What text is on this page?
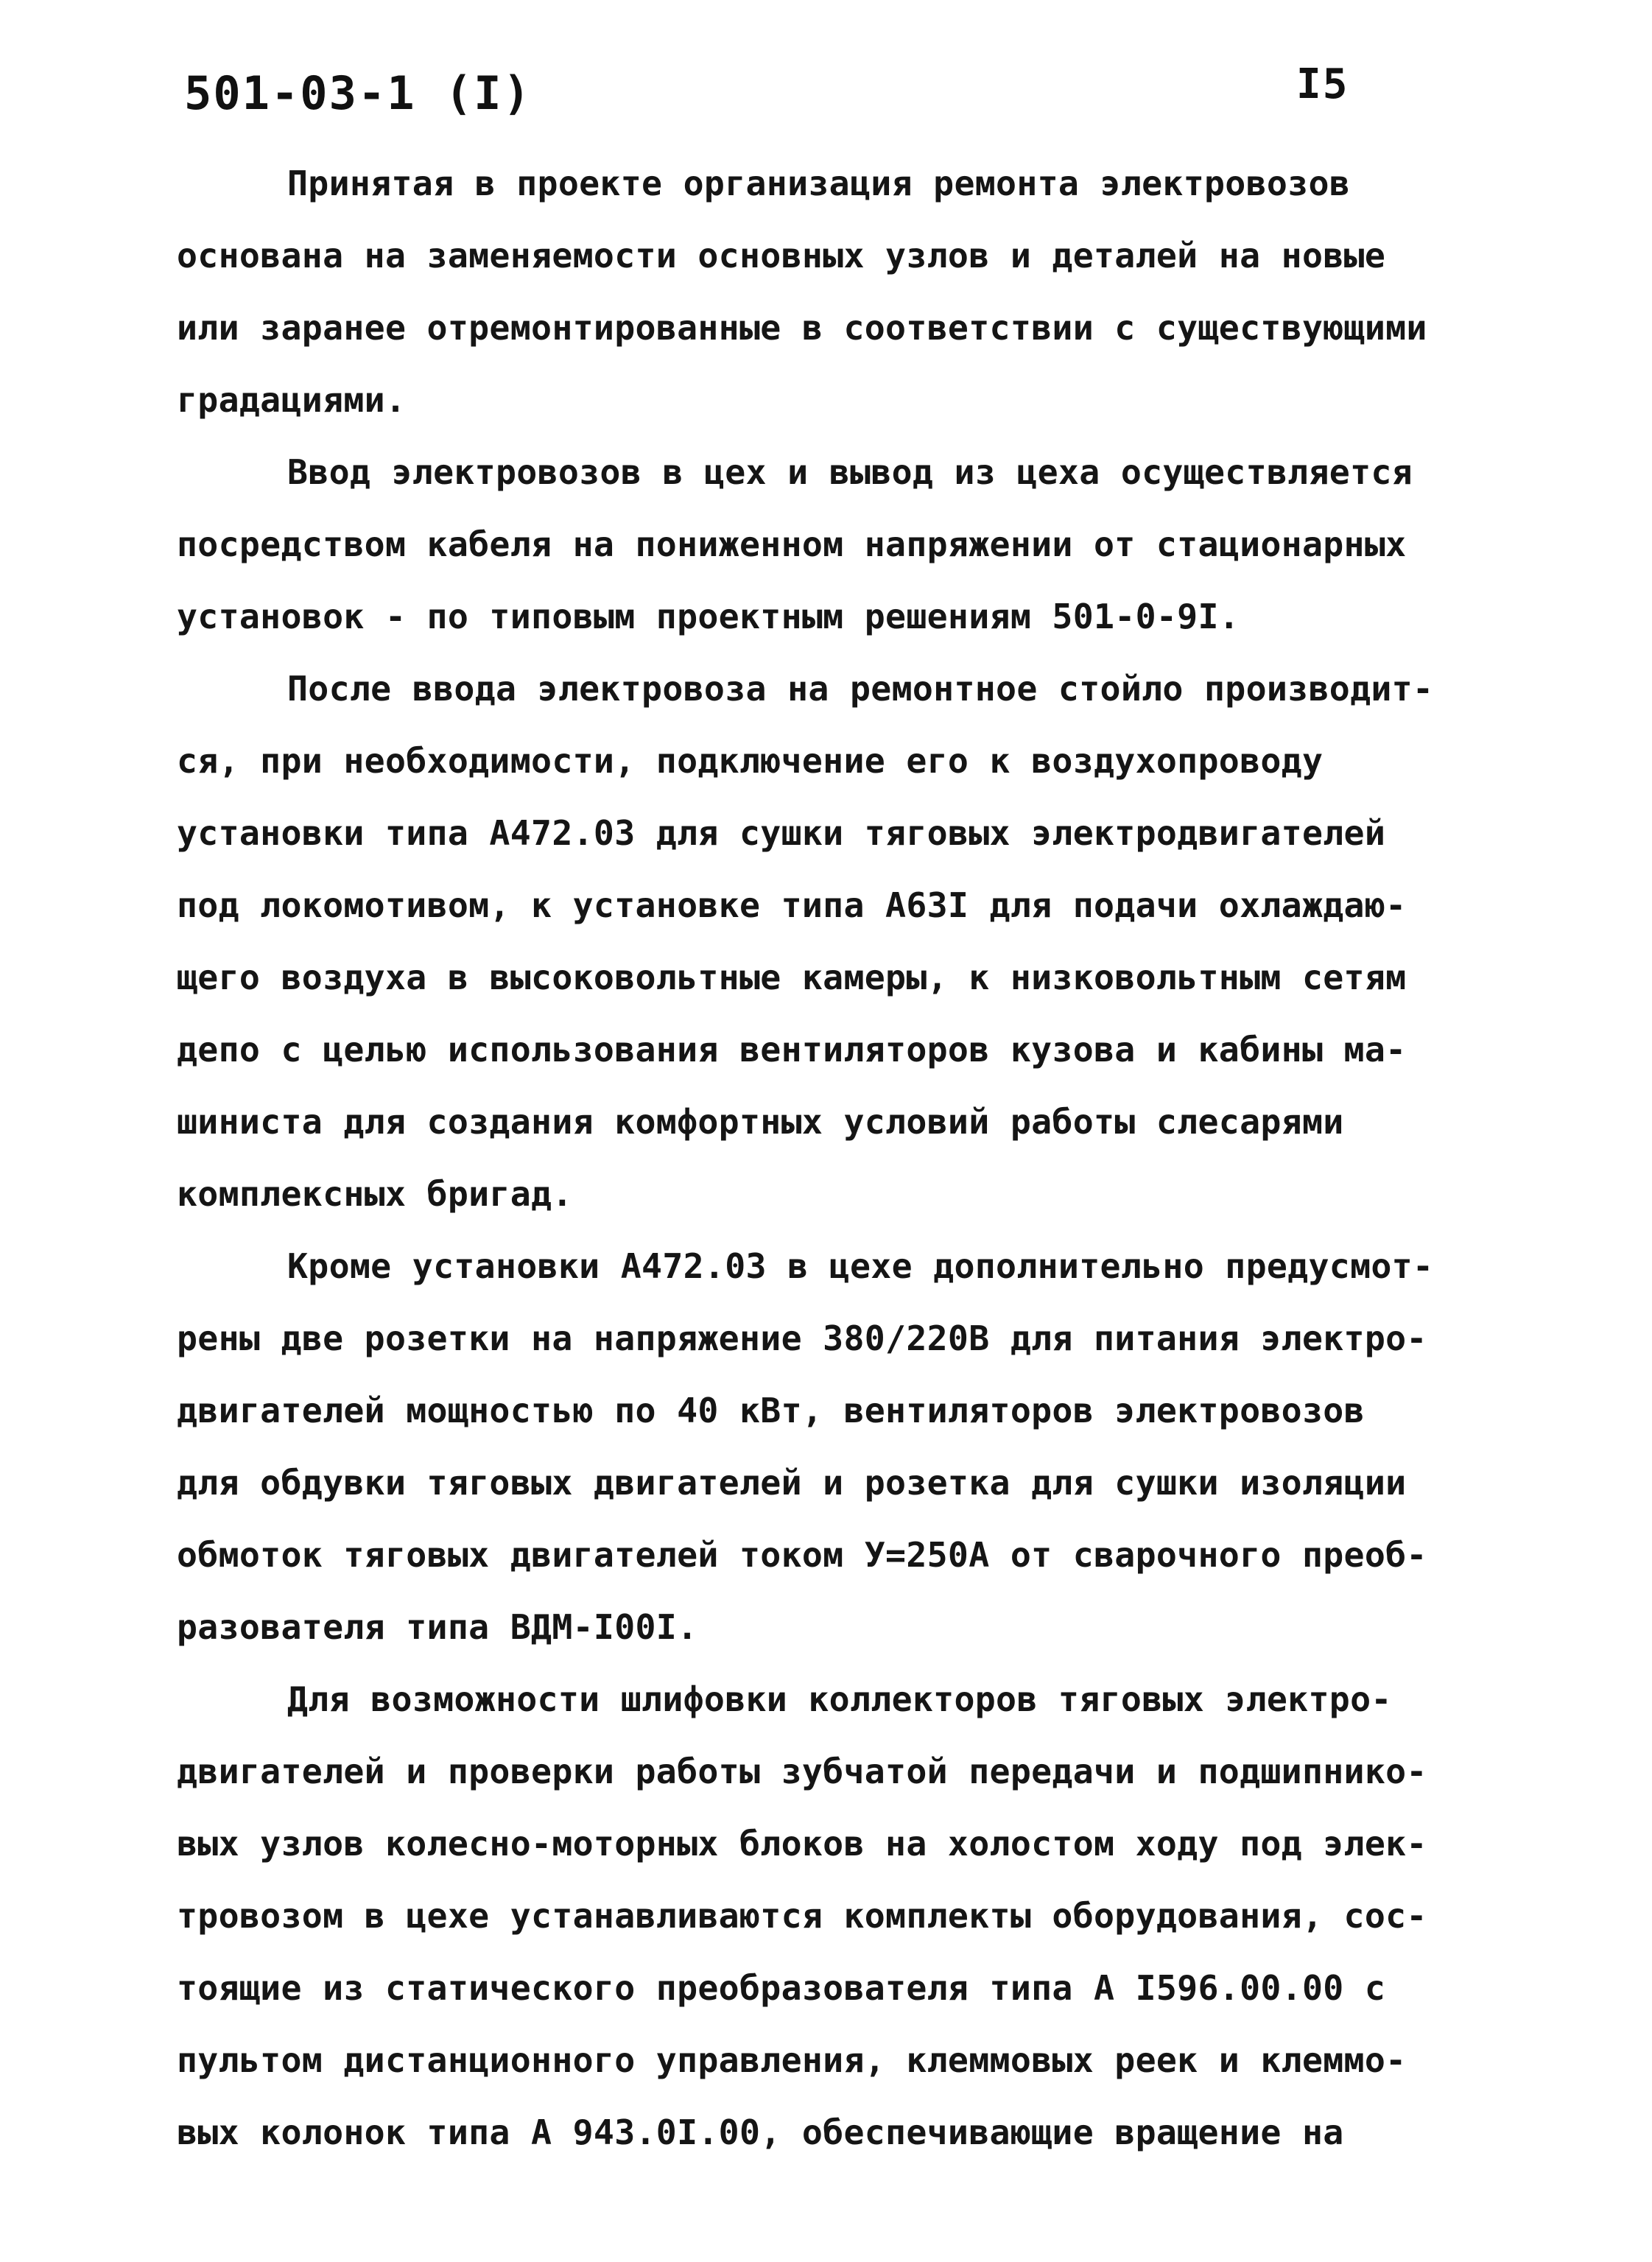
501-03-1 (I)	I5
Принятая в проекте организация ремонта электровозов
основана на заменяемости основных узлов и деталей на новые
или заранее отремонтированные в соответствии с существующими
градациями.
Ввод электровозов в цех и вывод из цеха осуществляется
посредством кабеля на пониженном напряжении от стационарных
установок - по типовым проектным решениям 501-0-9I.
После ввода электровоза на ремонтное стойло производит-
ся, при необходимости, подключение его к воздухопроводу
установки типа А472.03 для сушки тяговых электродвигателей
под локомотивом, к установке типа А63I для подачи охлаждаю-
щего воздуха в высоковольтные камеры, к низковольтным сетям
депо с целью использования вентиляторов кузова и кабины ма-
шиниста для создания комфортных условий работы слесарями
комплексных бригад.
Кроме установки А472.03 в цехе дополнительно предусмот-
рены две розетки на напряжение 380/220В для питания электро-
двигателей мощностью по 40 кВт, вентиляторов электровозов
для обдувки тяговых двигателей и розетка для сушки изоляции
обмоток тяговых двигателей током У=250А от сварочного преоб-
разователя типа ВДМ-I00I.
Для возможности шлифовки коллекторов тяговых электро-
двигателей и проверки работы зубчатой передачи и подшипнико-
вых узлов колесно-моторных блоков на холостом ходу под элек-
тровозом в цехе устанавливаются комплекты оборудования, сос-
тоящие из статического преобразователя типа А I596.00.00 с
пультом дистанционного управления, клеммовых реек и клеммо-
вых колонок типа А 943.0I.00, обеспечивающие вращение на
